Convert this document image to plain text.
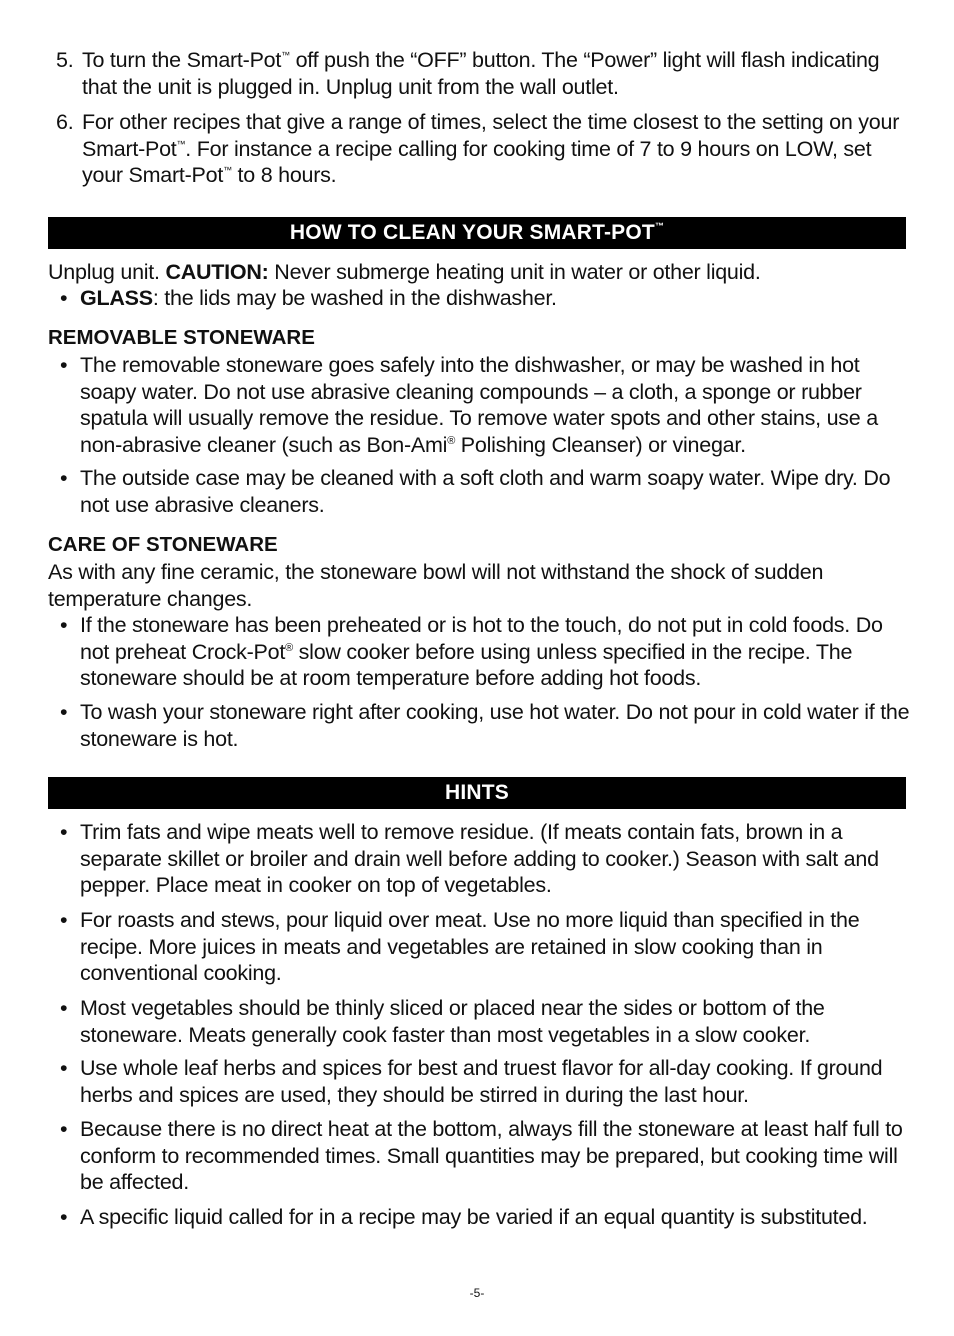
5. To turn the Smart-Pot™ off push the “OFF” button. The “Power” light will flash indicating that the unit is plugged in. Unplug unit from the wall outlet.

6. For other recipes that give a range of times, select the time closest to the setting on your Smart-Pot™. For instance a recipe calling for cooking time of 7 to 9 hours on LOW, set your Smart-Pot™ to 8 hours.

HOW TO CLEAN YOUR SMART-POT™

Unplug unit. CAUTION: Never submerge heating unit in water or other liquid.

• GLASS: the lids may be washed in the dishwasher.

REMOVABLE STONEWARE
• The removable stoneware goes safely into the dishwasher, or may be washed in hot soapy water. Do not use abrasive cleaning compounds – a cloth, a sponge or rubber spatula will usually remove the residue. To remove water spots and other stains, use a non-abrasive cleaner (such as Bon-Ami® Polishing Cleanser) or vinegar.

• The outside case may be cleaned with a soft cloth and warm soapy water. Wipe dry. Do not use abrasive cleaners.

CARE OF STONEWARE

As with any fine ceramic, the stoneware bowl will not withstand the shock of sudden temperature changes.

• If the stoneware has been preheated or is hot to the touch, do not put in cold foods. Do not preheat Crock-Pot® slow cooker before using unless specified in the recipe. The stoneware should be at room temperature before adding hot foods.

• To wash your stoneware right after cooking, use hot water. Do not pour in cold water if the stoneware is hot.

HINTS
• Trim fats and wipe meats well to remove residue. (If meats contain fats, brown in a separate skillet or broiler and drain well before adding to cooker.) Season with salt and pepper. Place meat in cooker on top of vegetables.

• For roasts and stews, pour liquid over meat. Use no more liquid than specified in the recipe. More juices in meats and vegetables are retained in slow cooking than in conventional cooking.

• Most vegetables should be thinly sliced or placed near the sides or bottom of the stoneware. Meats generally cook faster than most vegetables in a slow cooker.

• Use whole leaf herbs and spices for best and truest flavor for all-day cooking. If ground herbs and spices are used, they should be stirred in during the last hour.

• Because there is no direct heat at the bottom, always fill the stoneware at least half full to conform to recommended times. Small quantities may be prepared, but cooking time will be affected.

• A specific liquid called for in a recipe may be varied if an equal quantity is substituted.

-5-
